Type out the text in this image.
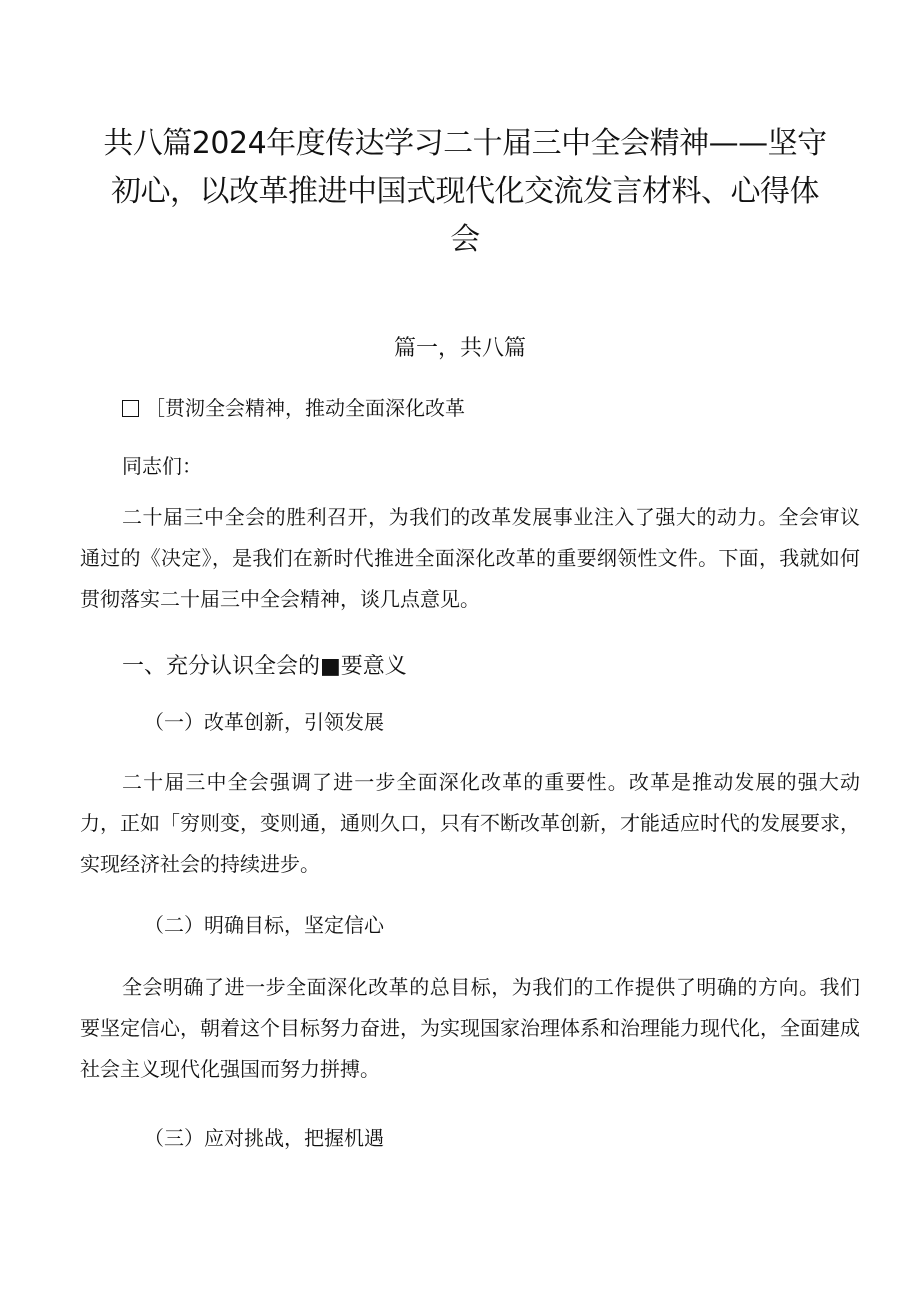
共八篇2024年度传达学习二十届三中全会精神——坚守初心，以改革推进中国式现代化交流发言材料、心得体会
篇一，共八篇
［贯沏全会精神，推动全面深化改革
同志们：

二十届三中全会的胜利召开，为我们的改革发展事业注入了强大的动力。全会审议通过的《决定》，是我们在新时代推进全面深化改革的重要纲领性文件。下面，我就如何贯彻落实二十届三中全会精神，谈几点意见。

一、充分认识全会的■要意义
（一）改革创新，引领发展

二十届三中全会强调了进一步全面深化改革的重要性。改革是推动发展的强大动力，正如「穷则变，变则通，通则久口，只有不断改革创新，才能适应时代的发展要求，实现经济社会的持续进步。

（二）明确目标，坚定信心

全会明确了进一步全面深化改革的总目标，为我们的工作提供了明确的方向。我们要坚定信心，朝着这个目标努力奋进，为实现国家治理体系和治理能力现代化，全面建成社会主义现代化强国而努力拼搏。

（三）应对挑战，把握机遇
